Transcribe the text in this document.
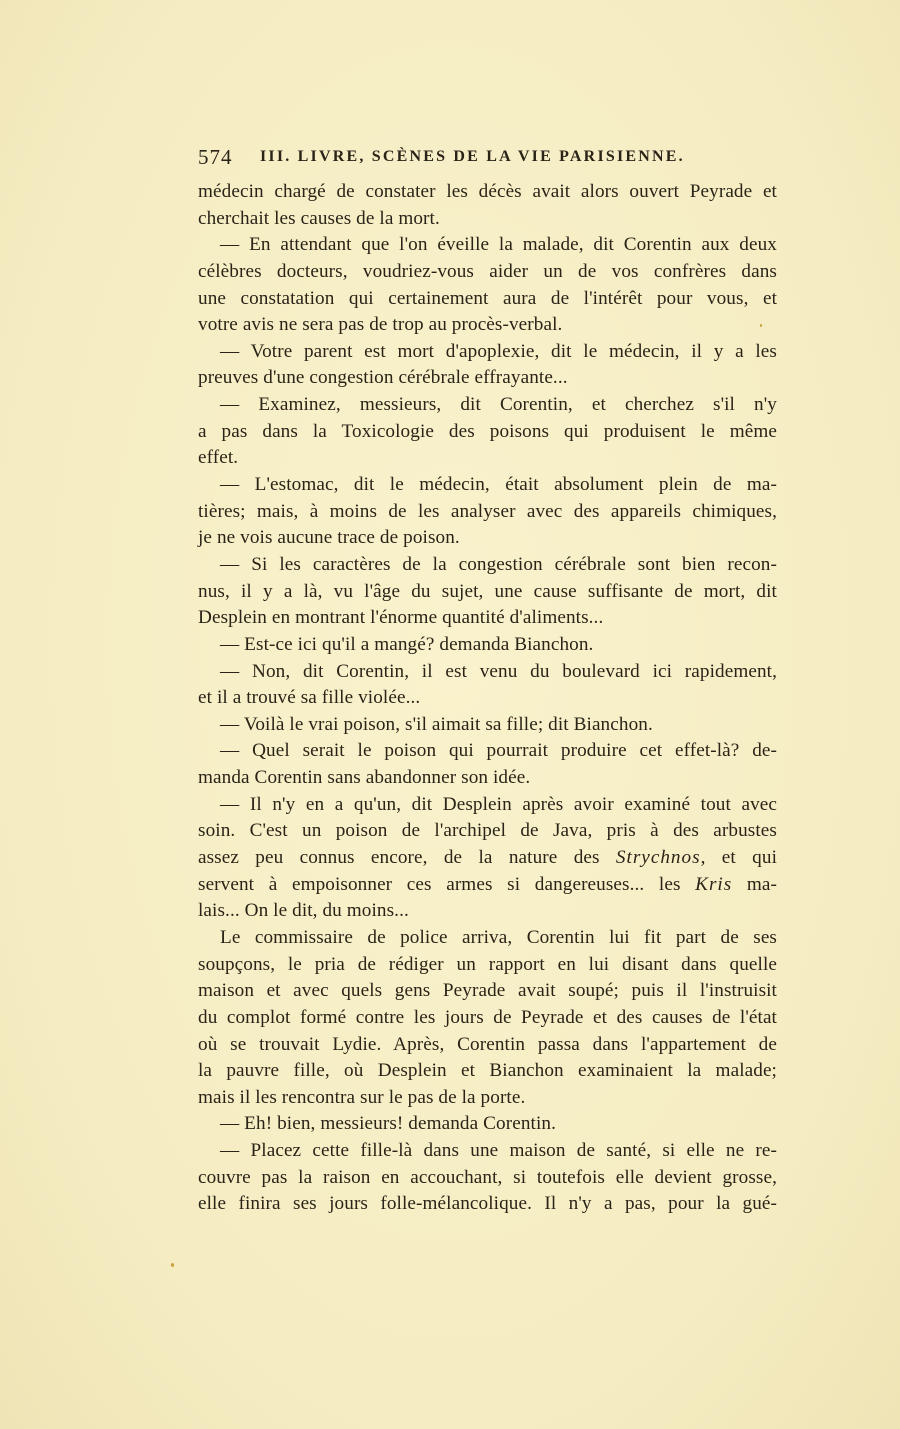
574 III. LIVRE, SCÈNES DE LA VIE PARISIENNE.
médecin chargé de constater les décès avait alors ouvert Peyrade et
cherchait les causes de la mort.
— En attendant que l'on éveille la malade, dit Corentin aux deux
célèbres docteurs, voudriez-vous aider un de vos confrères dans
une constatation qui certainement aura de l'intérêt pour vous, et
votre avis ne sera pas de trop au procès-verbal.
— Votre parent est mort d'apoplexie, dit le médecin, il y a les
preuves d'une congestion cérébrale effrayante...
— Examinez, messieurs, dit Corentin, et cherchez s'il n'y
a pas dans la Toxicologie des poisons qui produisent le même
effet.
— L'estomac, dit le médecin, était absolument plein de ma-
tières; mais, à moins de les analyser avec des appareils chimiques,
je ne vois aucune trace de poison.
— Si les caractères de la congestion cérébrale sont bien recon-
nus, il y a là, vu l'âge du sujet, une cause suffisante de mort, dit
Desplein en montrant l'énorme quantité d'aliments...
— Est-ce ici qu'il a mangé? demanda Bianchon.
— Non, dit Corentin, il est venu du boulevard ici rapidement,
et il a trouvé sa fille violée...
— Voilà le vrai poison, s'il aimait sa fille; dit Bianchon.
— Quel serait le poison qui pourrait produire cet effet-là? de-
manda Corentin sans abandonner son idée.
— Il n'y en a qu'un, dit Desplein après avoir examiné tout avec
soin. C'est un poison de l'archipel de Java, pris à des arbustes
assez peu connus encore, de la nature des Strychnos, et qui
servent à empoisonner ces armes si dangereuses... les Kris ma-
lais... On le dit, du moins...
Le commissaire de police arriva, Corentin lui fit part de ses
soupçons, le pria de rédiger un rapport en lui disant dans quelle
maison et avec quels gens Peyrade avait soupé; puis il l'instruisit
du complot formé contre les jours de Peyrade et des causes de l'état
où se trouvait Lydie. Après, Corentin passa dans l'appartement de
la pauvre fille, où Desplein et Bianchon examinaient la malade;
mais il les rencontra sur le pas de la porte.
— Eh! bien, messieurs! demanda Corentin.
— Placez cette fille-là dans une maison de santé, si elle ne re-
couvre pas la raison en accouchant, si toutefois elle devient grosse,
elle finira ses jours folle-mélancolique. Il n'y a pas, pour la gué-
